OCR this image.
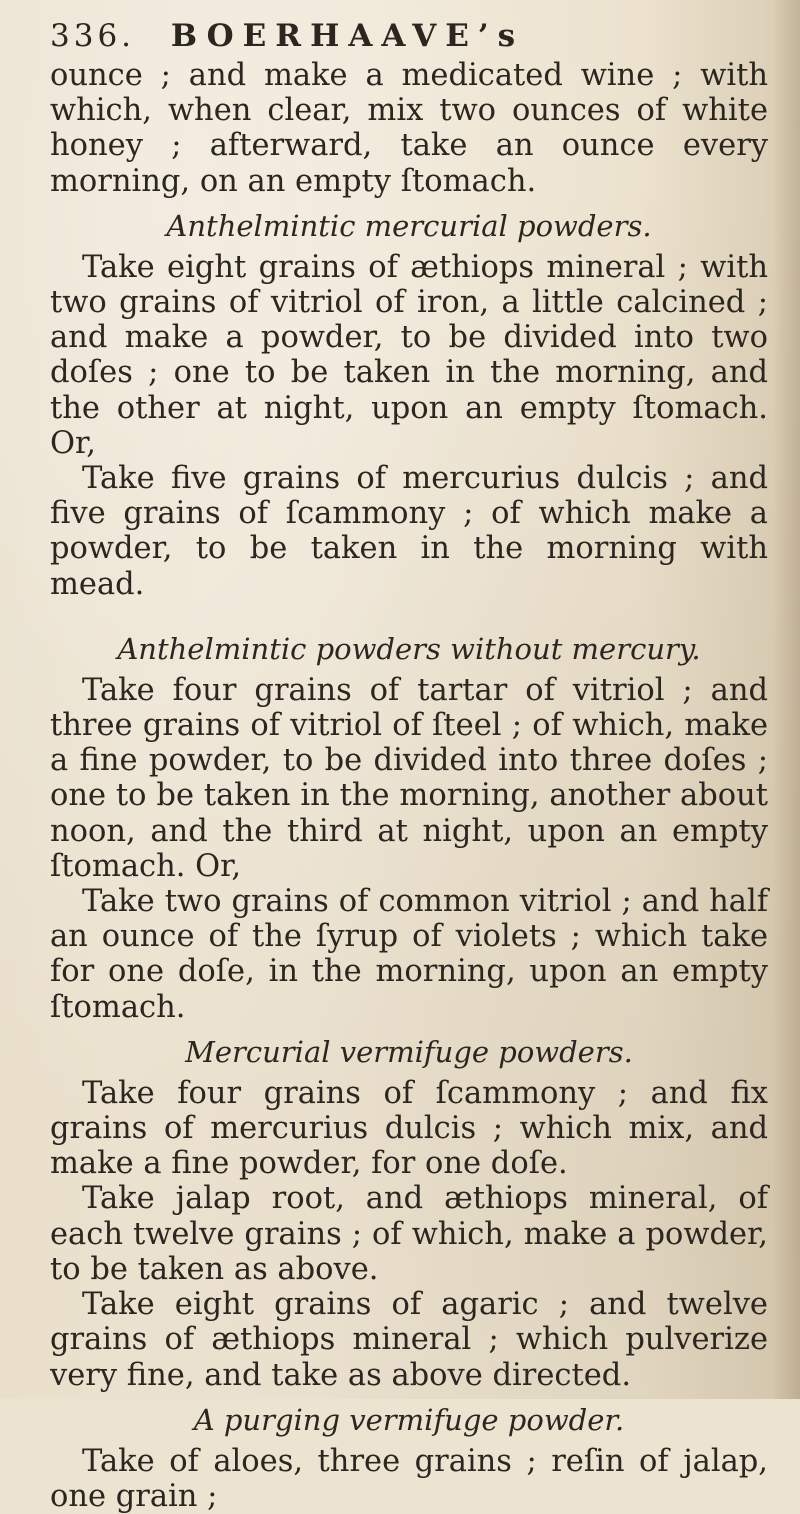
336. BOERHAAVE’s

ounce ; and make a medicated wine ; with which, when clear, mix two ounces of white honey ; afterward, take an ounce every morning, on an empty ſtomach.

Anthelmintic mercurial powders.

Take eight grains of æthiops mineral ; with two grains of vitriol of iron, a little calcined ; and make a powder, to be divided into two doſes ; one to be taken in the morning, and the other at night, upon an empty ſtomach. Or,

Take five grains of mercurius dulcis ; and five grains of ſcammony ; of which make a powder, to be taken in the morning with mead.

Anthelmintic powders without mercury.

Take four grains of tartar of vitriol ; and three grains of vitriol of ſteel ; of which, make a fine powder, to be divided into three doſes ; one to be taken in the morning, another about noon, and the third at night, upon an empty ſtomach. Or,

Take two grains of common vitriol ; and half an ounce of the ſyrup of violets ; which take for one doſe, in the morning, upon an empty ſtomach.

Mercurial vermifuge powders.

Take four grains of ſcammony ; and fix grains of mercurius dulcis ; which mix, and make a fine powder, for one doſe.

Take jalap root, and æthiops mineral, of each twelve grains ; of which, make a powder, to be taken as above.

Take eight grains of agaric ; and twelve grains of æthiops mineral ; which pulverize very fine, and take as above directed.

A purging vermifuge powder.

Take of aloes, three grains ; reſin of jalap, one grain ;
